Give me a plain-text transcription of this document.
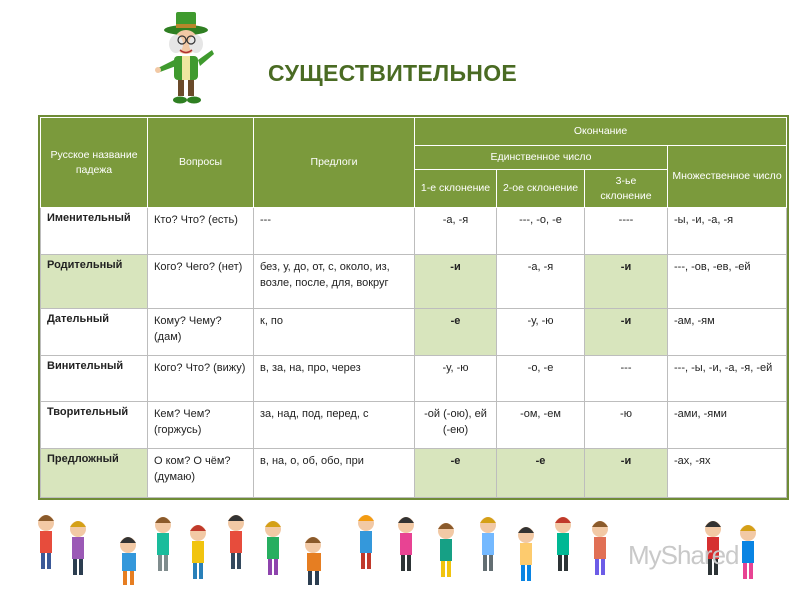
СУЩЕСТВИТЕЛЬНОЕ
Русское название падежа	Вопросы	Предлоги	Окончание			
			Единственное число			Множественное число
			1-е склонение	2-ое склонение	3-ье склонение	
Именительный	Кто? Что? (есть)	---	-а, -я	---, -о, -е	----	-ы, -и, -а, -я
Родительный	Кого? Чего? (нет)	без, у, до, от, с, около, из, возле, после, для, вокруг	-и	-а, -я	-и	---, -ов, -ев, -ей
Дательный	Кому? Чему? (дам)	к, по	-е	-у, -ю	-и	-ам, -ям
Винительный	Кого? Что? (вижу)	в, за, на, про, через	-у, -ю	-о, -е	---	---, -ы, -и, -а, -я, -ей
Творительный	Кем? Чем? (горжусь)	за, над, под, перед, с	-ой (-ою), ей (-ею)	-ом, -ем	-ю	-ами, -ями
Предложный	О ком? О чём? (думаю)	в, на, о, об, обо, при	-е	-е	-и	-ах, -ях
MyShared
